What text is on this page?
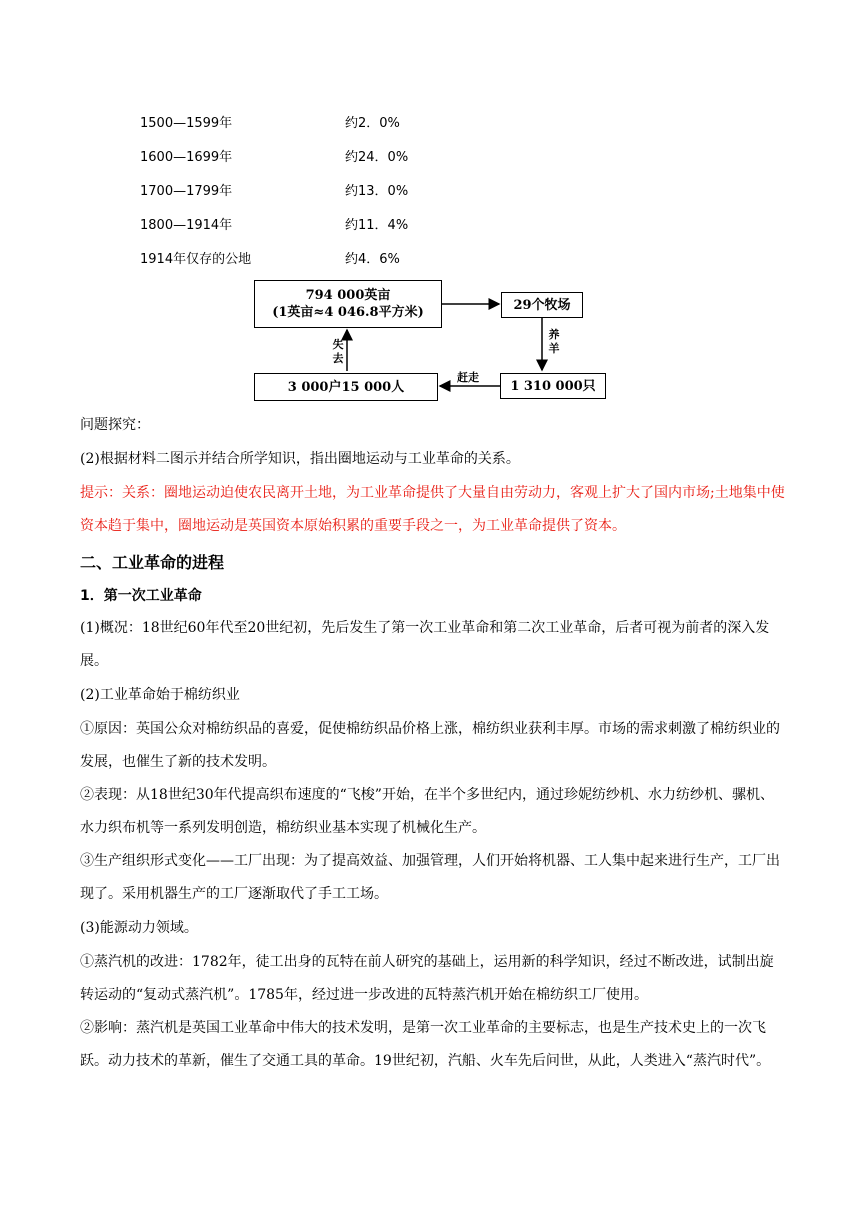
1500—1599年	约2．0%
1600—1699年	约24．0%
1700—1799年	约13．0%
1800—1914年	约11．4%
1914年仅存的公地	约4．6%
794 000英亩
(1英亩≈4 046.8平方米)	29个牧场
1 310 000只
3 000户15 000人
养羊
失去
赶走
问题探究：
(2)根据材料二图示并结合所学知识，指出圈地运动与工业革命的关系。
提示：关系：圈地运动迫使农民离开土地，为工业革命提供了大量自由劳动力，客观上扩大了国内市场;土地集中使资本趋于集中，圈地运动是英国资本原始积累的重要手段之一，为工业革命提供了资本。
二、工业革命的进程
1．第一次工业革命
(1)概况：18世纪60年代至20世纪初，先后发生了第一次工业革命和第二次工业革命，后者可视为前者的深入发展。
(2)工业革命始于棉纺织业
①原因：英国公众对棉纺织品的喜爱，促使棉纺织品价格上涨，棉纺织业获利丰厚。市场的需求刺激了棉纺织业的发展，也催生了新的技术发明。
②表现：从18世纪30年代提高织布速度的“飞梭”开始，在半个多世纪内，通过珍妮纺纱机、水力纺纱机、骡机、水力织布机等一系列发明创造，棉纺织业基本实现了机械化生产。
③生产组织形式变化——工厂出现：为了提高效益、加强管理，人们开始将机器、工人集中起来进行生产，工厂出现了。采用机器生产的工厂逐渐取代了手工工场。
(3)能源动力领域。
①蒸汽机的改进：1782年，徒工出身的瓦特在前人研究的基础上，运用新的科学知识，经过不断改进，试制出旋转运动的“复动式蒸汽机”。1785年，经过进一步改进的瓦特蒸汽机开始在棉纺织工厂使用。
②影响：蒸汽机是英国工业革命中伟大的技术发明，是第一次工业革命的主要标志，也是生产技术史上的一次飞跃。动力技术的革新，催生了交通工具的革命。19世纪初，汽船、火车先后问世，从此，人类进入“蒸汽时代”。
